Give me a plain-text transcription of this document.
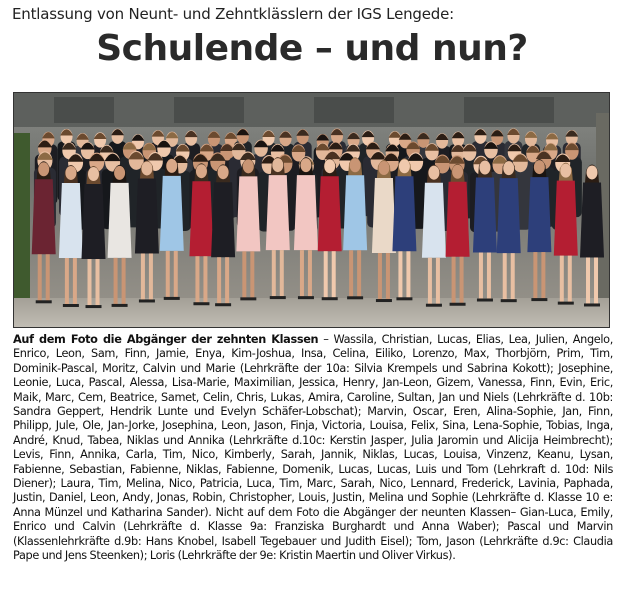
Entlassung von Neunt- und Zehntklässlern der IGS Lengede:
Schulende – und nun?
Auf dem Foto die Abgänger der zehnten Klassen – Wassila, Christian, Lucas, Elias, Lea, Julien, Angelo, Enrico, Leon, Sam, Finn, Jamie, Enya, Kim-Joshua, Insa, Celina, Eiliko, Lorenzo, Max, Thorbjörn, Prim, Tim, Dominik-Pascal, Moritz, Calvin und Marie (Lehrkräfte der 10a: Silvia Krempels und Sabrina Kokott); Josephine, Leonie, Luca, Pascal, Alessa, Lisa-Marie, Maximilian, Jessica, Henry, Jan-Leon, Gizem, Vanessa, Finn, Evin, Eric, Maik, Marc, Cem, Beatrice, Samet, Celin, Chris, Lukas, Amira, Caroline, Sultan, Jan und Niels (Lehrkräfte d. 10b: Sandra Geppert, Hendrik Lunte und Evelyn Schäfer-Lobschat); Marvin, Oscar, Eren, Alina-Sophie, Jan, Finn, Philipp, Jule, Ole, Jan-Jorke, Josephina, Leon, Jason, Finja, Victoria, Louisa, Felix, Sina, Lena-Sophie, Tobias, Inga, André, Knud, Tabea, Niklas und Annika (Lehrkräfte d.10c: Kerstin Jasper, Julia Jaromin und Alicija Heimbrecht); Levis, Finn, Annika, Carla, Tim, Nico, Kimberly, Sarah, Jannik, Niklas, Lucas, Louisa, Vinzenz, Keanu, Lysan, Fabienne, Sebastian, Fabienne, Niklas, Fabienne, Domenik, Lucas, Lucas, Luis und Tom (Lehrkraft d. 10d: Nils Diener); Laura, Tim, Melina, Nico, Patricia, Luca, Tim, Marc, Sarah, Nico, Lennard, Frederick, Lavinia, Paphada, Justin, Daniel, Leon, Andy, Jonas, Robin, Christopher, Louis, Justin, Melina und Sophie (Lehrkräfte d. Klasse 10 e: Anna Münzel und Katharina Sander). Nicht auf dem Foto die Abgänger der neunten Klassen– Gian-Luca, Emily, Enrico und Calvin (Lehrkräfte d. Klasse 9a: Franziska Burghardt und Anna Waber); Pascal und Marvin (Klassenlehrkräfte d.9b: Hans Knobel, Isabell Tegebauer und Judith Eisel); Tom, Jason (Lehrkräfte d.9c: Claudia Pape und Jens Steenken); Loris (Lehrkräfte der 9e: Kristin Maertin und Oliver Virkus).
